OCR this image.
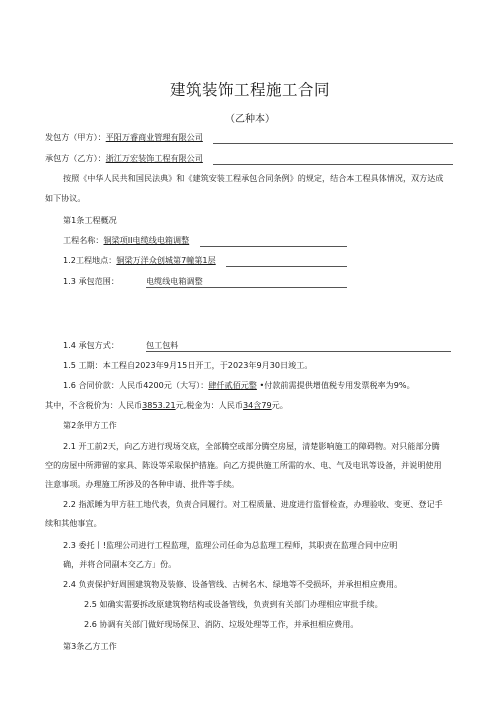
建筑装饰工程施工合同
（乙种本）
发包方（甲方）：平阳万睿商业管理有限公司
承包方（乙方）：浙江万宏装饰工程有限公司
按照《中华人民共和国民法典》和《建筑安装工程承包合同条例》的规定，结合本工程具体情况，双方达成
如下协议。
第1条工程概况
工程名称：铜梁项II电缆线电箱调整
1.2工程地点：铜梁万洋众创城第7幢第1层
1.3 承包范围：	电缆线电箱调整
1.4 承包方式：	包工包料
1.5 工期：本工程自2023年9月15日开工，于2023年9月30日竣工。
1.6 合同价款：人民币4200元（大写）：肆仟贰佰元整 •付款前需提供增值税专用发票税率为9%。
其中，不含税价为：人民币3853.21元,税金为：人民币34含79元。
第2条甲方工作
2.1 开工前2天，向乙方进行现场交底，全部腾空或部分腾空房屋，清楚影响施工的障碍物。对只能部分腾
空的房屋中所滞留的家具、陈设等采取保护措施。向乙方提供施工所需的水、电、气及电讯等设备，并说明使用
注意事项。办理施工所涉及的各种申请、批件等手续。
2.2 指派睡为甲方驻工地代表，负责合同履行。对工程质量、进度进行监督检查，办理验收、变更、登记手
续和其他事宜。
2.3 委托丨!监理公司进行工程监理，监理公司任命为总监理工程师，其职责在监理合同中应明
确，并将合同副本交乙方」份。
2.4 负责保护好周围建筑物及装修、设备管线、古树名木、绿地等不受损坏，并承担相应费用。
2.5 如确实需要拆改原建筑物结构或设备管线，负责到有关部门办理相应审批手续。
2.6 协调有关部门做好现场保卫、消防、垃圾处理等工作，并承担相应费用。
第3条乙方工作
